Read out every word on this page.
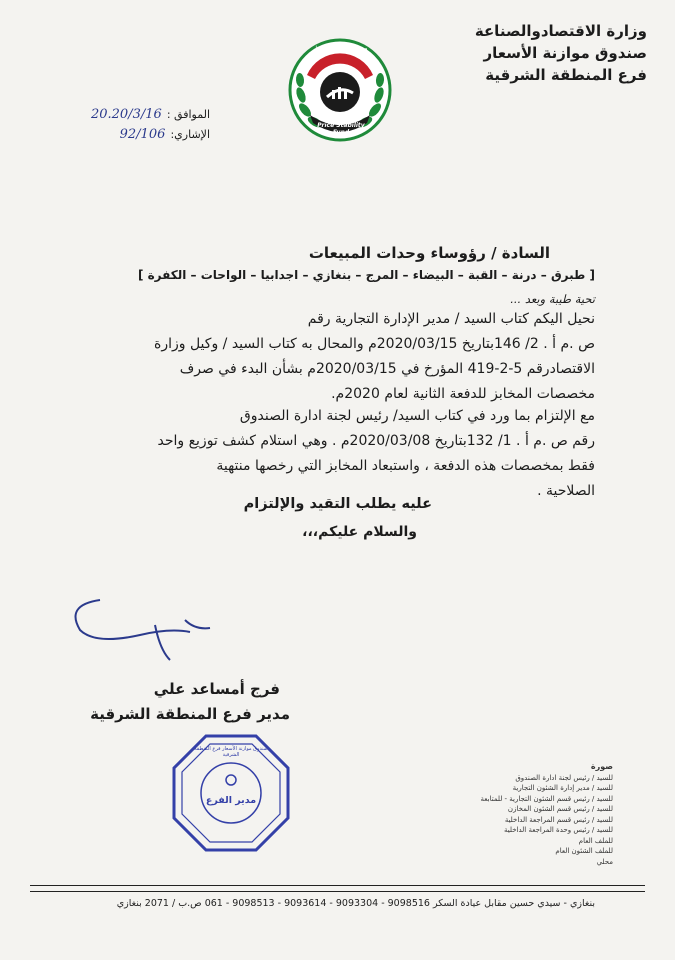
وزارة الاقتصادوالصناعة
صندوق موازنة الأسعار
فرع المنطقة الشرقية
صندوق موازنة الأسعار
Price Stability Fund
الموافق : 20.20/3/16
الإشاري: 92/106
السادة / رؤوساء وحدات المبيعات
[ طبرق – درنة – القبة – البيضاء – المرج – بنغازي – اجدابيا – الواحات – الكفرة ]
تحية طيبة وبعد ...
نحيل اليكم كتاب السيد / مدير الإدارة التجارية رقم
ص .م أ . 2/ 146بتاريخ 2020/03/15م والمحال به كتاب السيد / وكيل وزارة
الاقتصادرقم 5-2-419 المؤرخ في 2020/03/15م بشأن البدء في صرف
مخصصات المخابز للدفعة الثانية لعام 2020م.
مع الإلتزام بما ورد في كتاب السيد/ رئيس لجنة ادارة الصندوق
رقم ص .م أ . 1/ 132بتاريخ 2020/03/08م . وهي استلام كشف توزيع واحد
فقط بمخصصات هذه الدفعة ، واستبعاد المخابز التي رخصها منتهية
الصلاحية .
عليه يطلب التقيد والإلتزام
والسلام عليكم،،،
فرج أمساعد علي
مدير فرع المنطقة الشرقية
مدير الفرع
صندوق موازنة الأسعار فرع المنطقة الشرقية
صورة
للسيد / رئيس لجنة ادارة الصندوق
للسيد / مدير إدارة الشئون التجارية
للسيد / رئيس قسم الشئون التجارية - للمتابعة
للسيد / رئيس قسم الشئون المخازن
للسيد / رئيس قسم المراجعة الداخلية
للسيد / رئيس وحدة المراجعة الداخلية
للملف العام
للملف الشئون العام
محلي
بنغازي - سيدي حسين مقابل عيادة السكر 9098516 - 9093304 - 9093614 - 9098513 - 061 ص.ب / 2071 بنغازي
